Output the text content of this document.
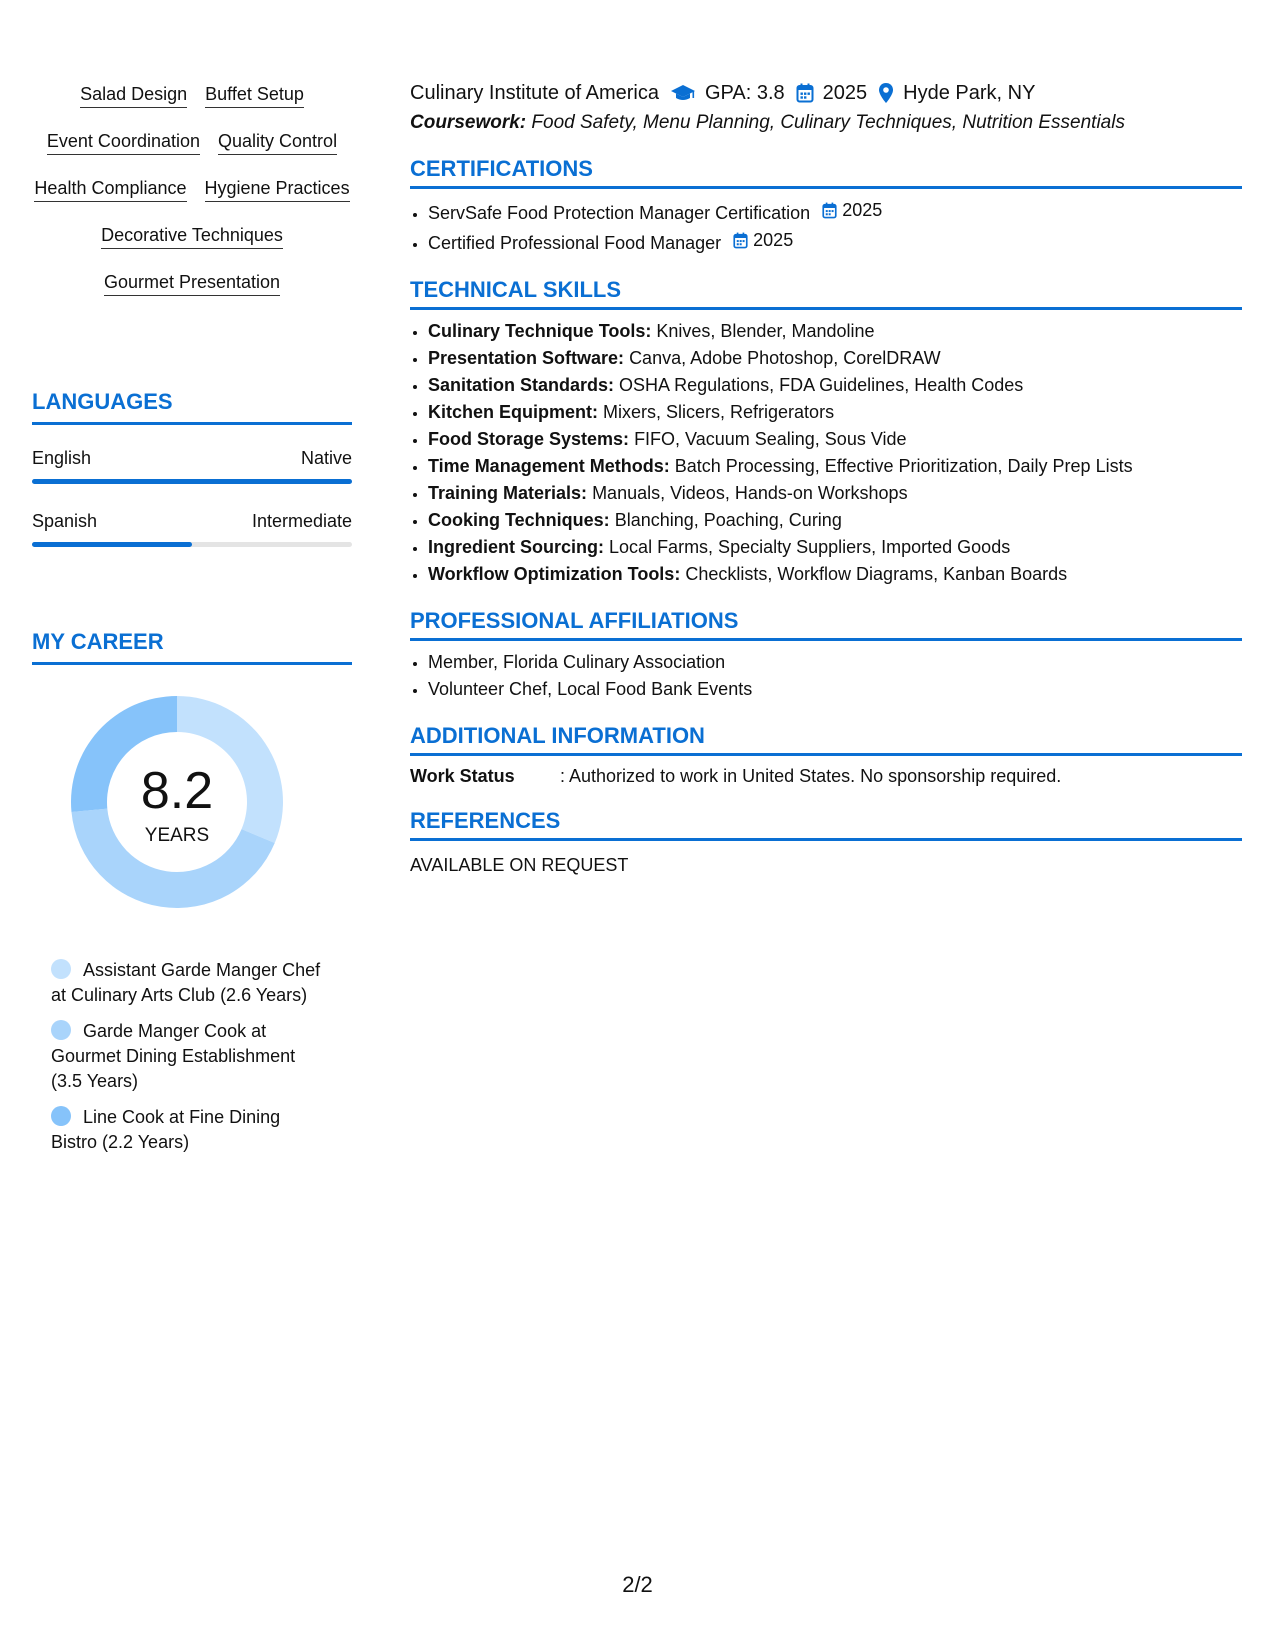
Salad Design Buffet Setup
Event Coordination Quality Control
Health Compliance Hygiene Practices
Decorative Techniques
Gourmet Presentation
LANGUAGES
English	Native
Spanish	Intermediate
MY CAREER
8.2
YEARS
Assistant Garde Manger Chef at Culinary Arts Club (2.6 Years)
Garde Manger Cook at Gourmet Dining Establishment (3.5 Years)
Line Cook at Fine Dining Bistro (2.2 Years)
Culinary Institute of America GPA: 3.8 2025 Hyde Park, NY
Coursework: Food Safety, Menu Planning, Culinary Techniques, Nutrition Essentials
CERTIFICATIONS
• ServSafe Food Protection Manager Certification 2025
• Certified Professional Food Manager 2025
TECHNICAL SKILLS
• Culinary Technique Tools: Knives, Blender, Mandoline
• Presentation Software: Canva, Adobe Photoshop, CorelDRAW
• Sanitation Standards: OSHA Regulations, FDA Guidelines, Health Codes
• Kitchen Equipment: Mixers, Slicers, Refrigerators
• Food Storage Systems: FIFO, Vacuum Sealing, Sous Vide
• Time Management Methods: Batch Processing, Effective Prioritization, Daily Prep Lists
• Training Materials: Manuals, Videos, Hands-on Workshops
• Cooking Techniques: Blanching, Poaching, Curing
• Ingredient Sourcing: Local Farms, Specialty Suppliers, Imported Goods
• Workflow Optimization Tools: Checklists, Workflow Diagrams, Kanban Boards
PROFESSIONAL AFFILIATIONS
• Member, Florida Culinary Association
• Volunteer Chef, Local Food Bank Events
ADDITIONAL INFORMATION
Work Status	: Authorized to work in United States. No sponsorship required.
REFERENCES
AVAILABLE ON REQUEST
2/2
